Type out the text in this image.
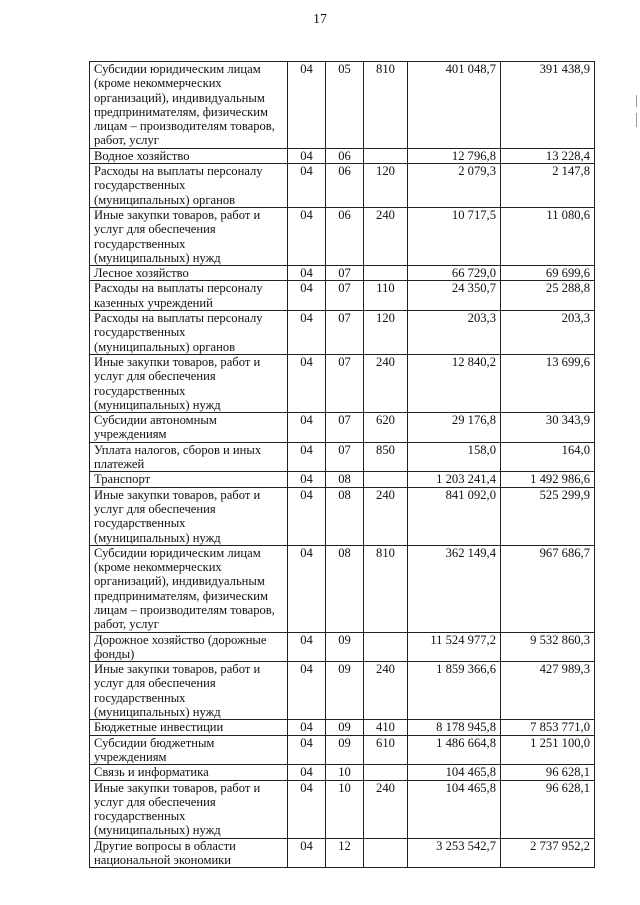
17
Субсидии юридическим лицам (кроме некоммерческих организаций), индивидуальным предпринимателям, физическим лицам – производителям товаров, работ, услуг	04	05	810	401 048,7	391 438,9
Водное хозяйство	04	06		12 796,8	13 228,4
Расходы на выплаты персоналу государственных (муниципальных) органов	04	06	120	2 079,3	2 147,8
Иные закупки товаров, работ и услуг для обеспечения государственных (муниципальных) нужд	04	06	240	10 717,5	11 080,6
Лесное хозяйство	04	07		66 729,0	69 699,6
Расходы на выплаты персоналу казенных учреждений	04	07	110	24 350,7	25 288,8
Расходы на выплаты персоналу государственных (муниципальных) органов	04	07	120	203,3	203,3
Иные закупки товаров, работ и услуг для обеспечения государственных (муниципальных) нужд	04	07	240	12 840,2	13 699,6
Субсидии автономным учреждениям	04	07	620	29 176,8	30 343,9
Уплата налогов, сборов и иных платежей	04	07	850	158,0	164,0
Транспорт	04	08		1 203 241,4	1 492 986,6
Иные закупки товаров, работ и услуг для обеспечения государственных (муниципальных) нужд	04	08	240	841 092,0	525 299,9
Субсидии юридическим лицам (кроме некоммерческих организаций), индивидуальным предпринимателям, физическим лицам – производителям товаров, работ, услуг	04	08	810	362 149,4	967 686,7
Дорожное хозяйство (дорожные фонды)	04	09		11 524 977,2	9 532 860,3
Иные закупки товаров, работ и услуг для обеспечения государственных (муниципальных) нужд	04	09	240	1 859 366,6	427 989,3
Бюджетные инвестиции	04	09	410	8 178 945,8	7 853 771,0
Субсидии бюджетным учреждениям	04	09	610	1 486 664,8	1 251 100,0
Связь и информатика	04	10		104 465,8	96 628,1
Иные закупки товаров, работ и услуг для обеспечения государственных (муниципальных) нужд	04	10	240	104 465,8	96 628,1
Другие вопросы в области национальной экономики	04	12		3 253 542,7	2 737 952,2
